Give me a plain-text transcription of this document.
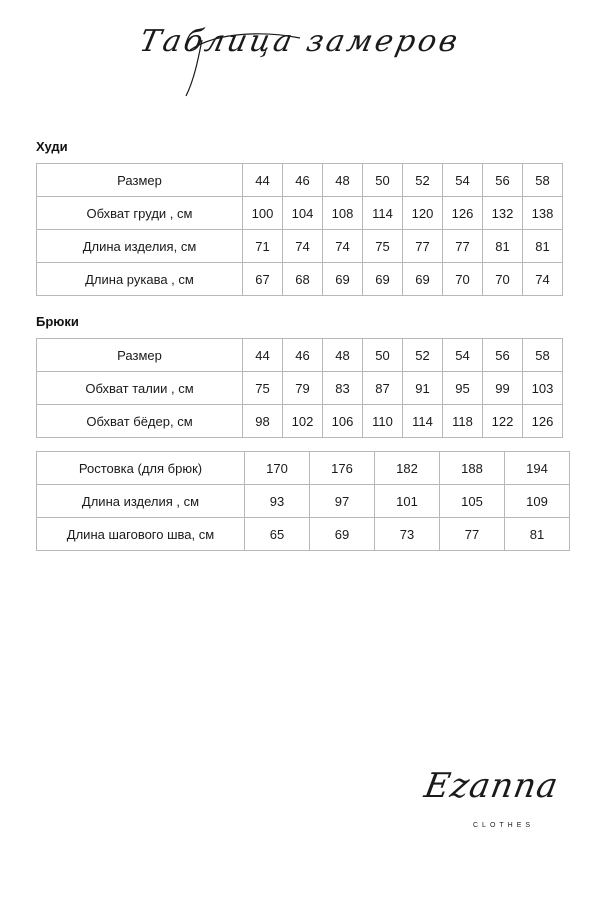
Таблица замеров
Худи
Размер	44	46	48	50	52	54	56	58
Обхват груди , см	100	104	108	114	120	126	132	138
Длина изделия, см	71	74	74	75	77	77	81	81
Длина рукава , см	67	68	69	69	69	70	70	74
Брюки
Размер	44	46	48	50	52	54	56	58
Обхват талии , см	75	79	83	87	91	95	99	103
Обхват бёдер, см	98	102	106	110	114	118	122	126
Ростовка (для брюк)	170	176	182	188	194
Длина изделия , см	93	97	101	105	109
Длина шагового шва, см	65	69	73	77	81
Ezanna
CLOTHES
